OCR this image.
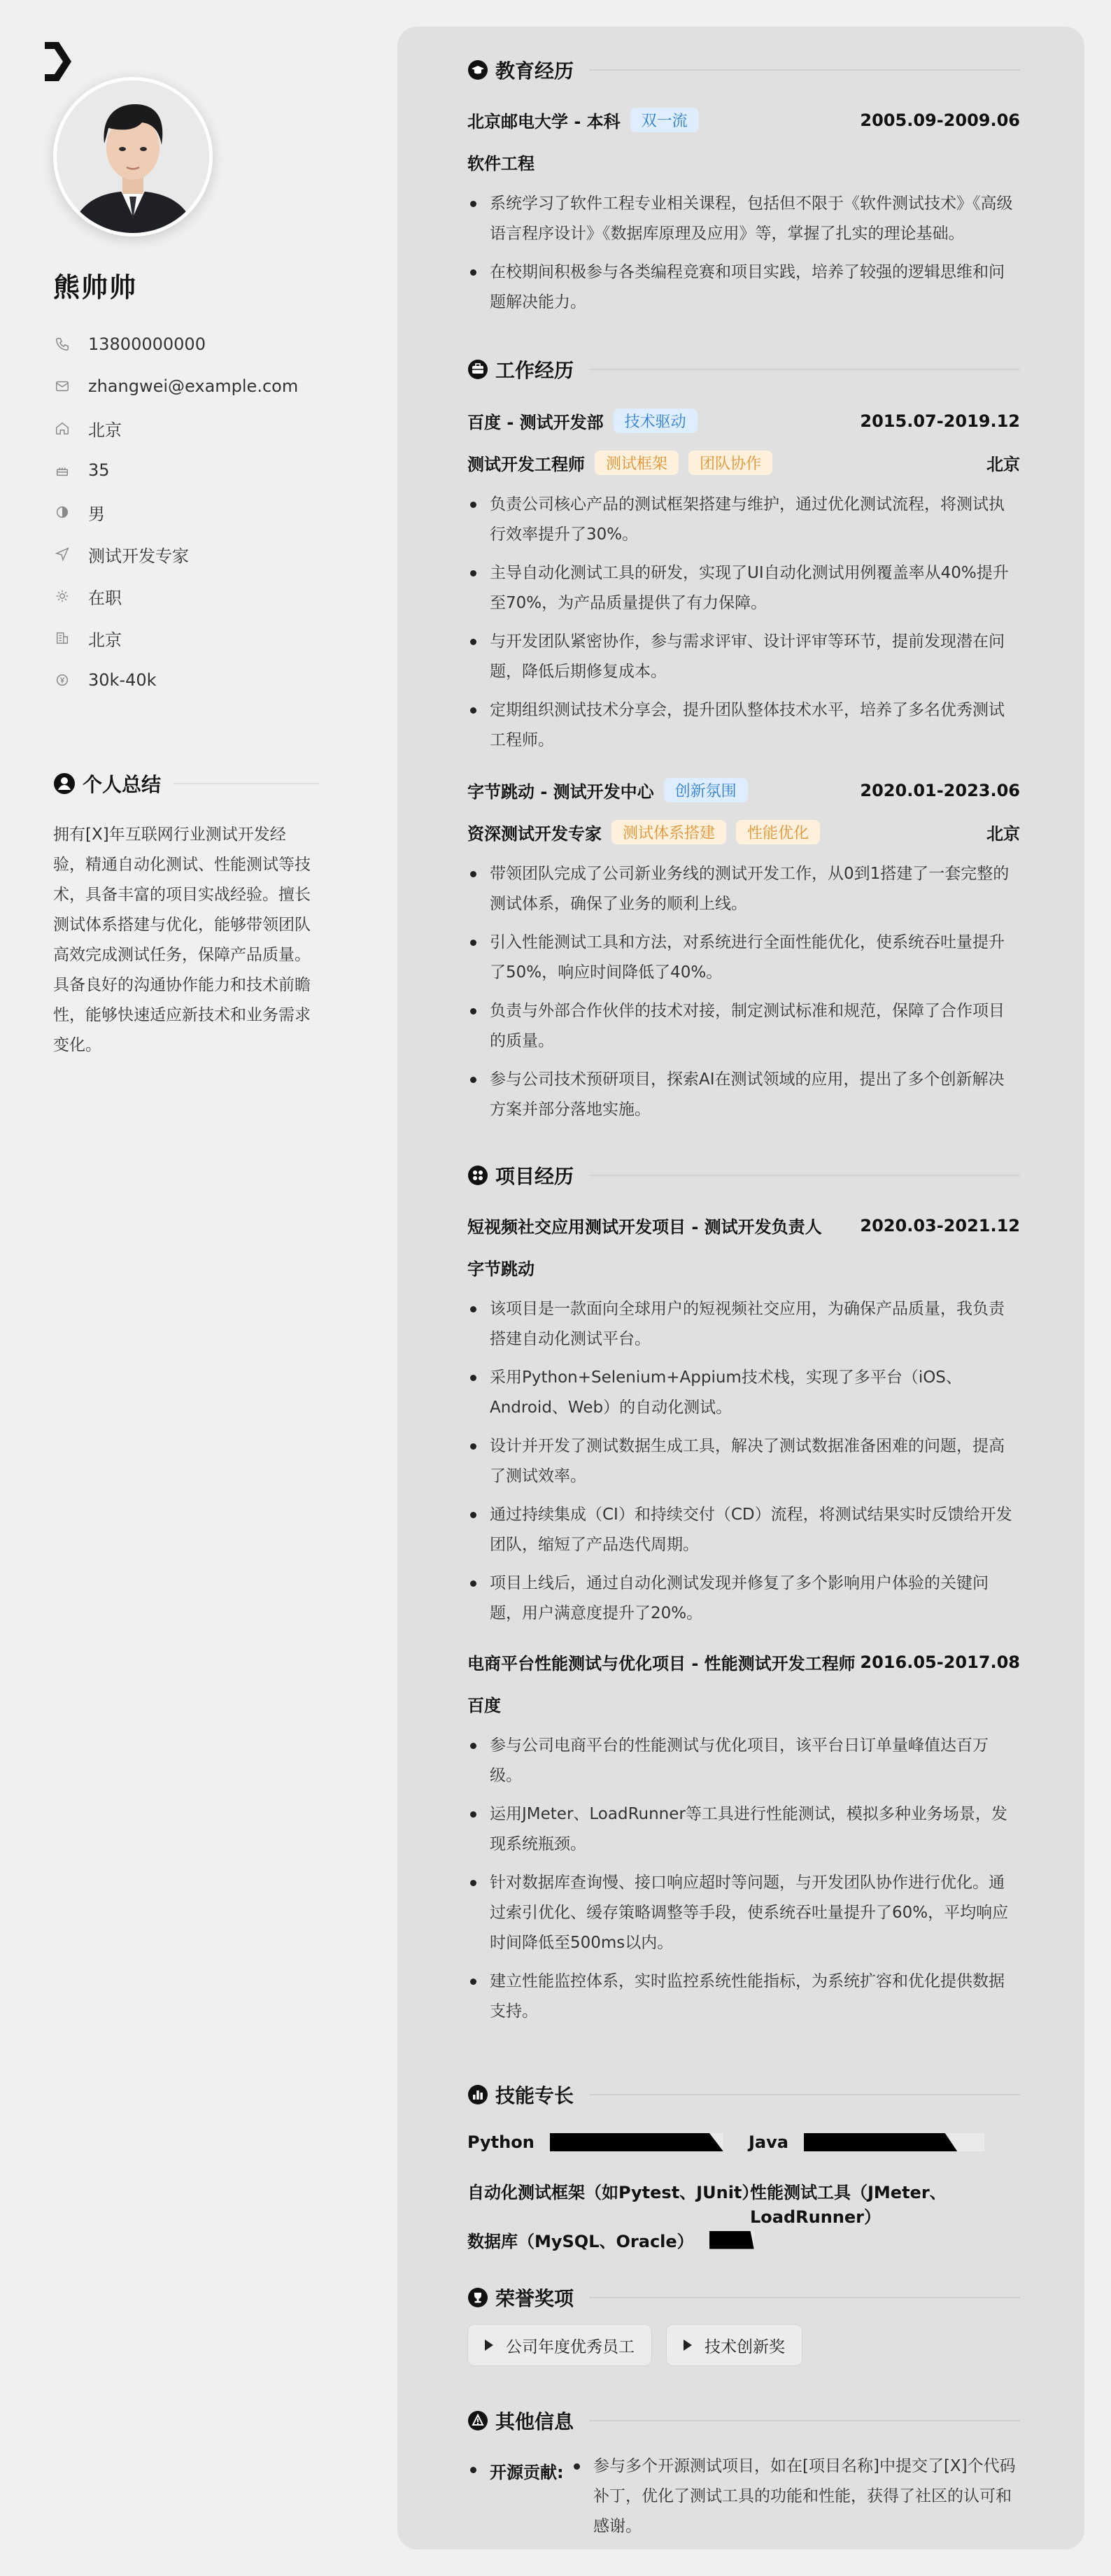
熊帅帅
13800000000
zhangwei@example.com
北京
35
男
测试开发专家
在职
北京
30k-40k
个人总结

拥有[X]年互联网行业测试开发经验，精通自动化测试、性能测试等技术，具备丰富的项目实战经验。擅长测试体系搭建与优化，能够带领团队高效完成测试任务，保障产品质量。 具备良好的沟通协作能力和技术前瞻性，能够快速适应新技术和业务需求变化。

教育经历
北京邮电大学 - 本科	双一流	2005.09-2009.06
软件工程
系统学习了软件工程专业相关课程，包括但不限于《软件测试技术》《高级语言程序设计》《数据库原理及应用》等，掌握了扎实的理论基础。
在校期间积极参与各类编程竞赛和项目实践，培养了较强的逻辑思维和问题解决能力。
工作经历
百度 - 测试开发部	技术驱动	2015.07-2019.12
测试开发工程师	测试框架	团队协作	北京
负责公司核心产品的测试框架搭建与维护，通过优化测试流程，将测试执行效率提升了30%。
主导自动化测试工具的研发，实现了UI自动化测试用例覆盖率从40%提升至70%，为产品质量提供了有力保障。
与开发团队紧密协作，参与需求评审、设计评审等环节，提前发现潜在问题，降低后期修复成本。
定期组织测试技术分享会，提升团队整体技术水平，培养了多名优秀测试工程师。
字节跳动 - 测试开发中心	创新氛围	2020.01-2023.06
资深测试开发专家	测试体系搭建	性能优化	北京
带领团队完成了公司新业务线的测试开发工作，从0到1搭建了一套完整的测试体系，确保了业务的顺利上线。
引入性能测试工具和方法，对系统进行全面性能优化，使系统吞吐量提升了50%，响应时间降低了40%。
负责与外部合作伙伴的技术对接，制定测试标准和规范，保障了合作项目的质量。
参与公司技术预研项目，探索AI在测试领域的应用，提出了多个创新解决方案并部分落地实施。
项目经历
短视频社交应用测试开发项目 - 测试开发负责人 2020.03-2021.12
字节跳动
该项目是一款面向全球用户的短视频社交应用，为确保产品质量，我负责搭建自动化测试平台。
采用Python+Selenium+Appium技术栈，实现了多平台（iOS、Android、Web）的自动化测试。
设计并开发了测试数据生成工具，解决了测试数据准备困难的问题，提高了测试效率。
通过持续集成（CI）和持续交付（CD）流程，将测试结果实时反馈给开发团队，缩短了产品迭代周期。
项目上线后，通过自动化测试发现并修复了多个影响用户体验的关键问题，用户满意度提升了20%。
电商平台性能测试与优化项目 - 性能测试开发工程师 2016.05-2017.08
百度
参与公司电商平台的性能测试与优化项目，该平台日订单量峰值达百万级。
运用JMeter、LoadRunner等工具进行性能测试，模拟多种业务场景，发现系统瓶颈。
针对数据库查询慢、接口响应超时等问题，与开发团队协作进行优化。通过索引优化、缓存策略调整等手段，使系统吞吐量提升了60%，平均响应时间降低至500ms以内。
建立性能监控体系，实时监控系统性能指标，为系统扩容和优化提供数据支持。
技能专长
Python	Java
自动化测试框架（如Pytest、JUnit）
性能测试工具（JMeter、LoadRunner）
数据库（MySQL、Oracle）
荣誉奖项
公司年度优秀员工	技术创新奖
其他信息
开源贡献:	参与多个开源测试项目，如在[项目名称]中提交了[X]个代码补丁，优化了测试工具的功能和性能，获得了社区的认可和感谢。
